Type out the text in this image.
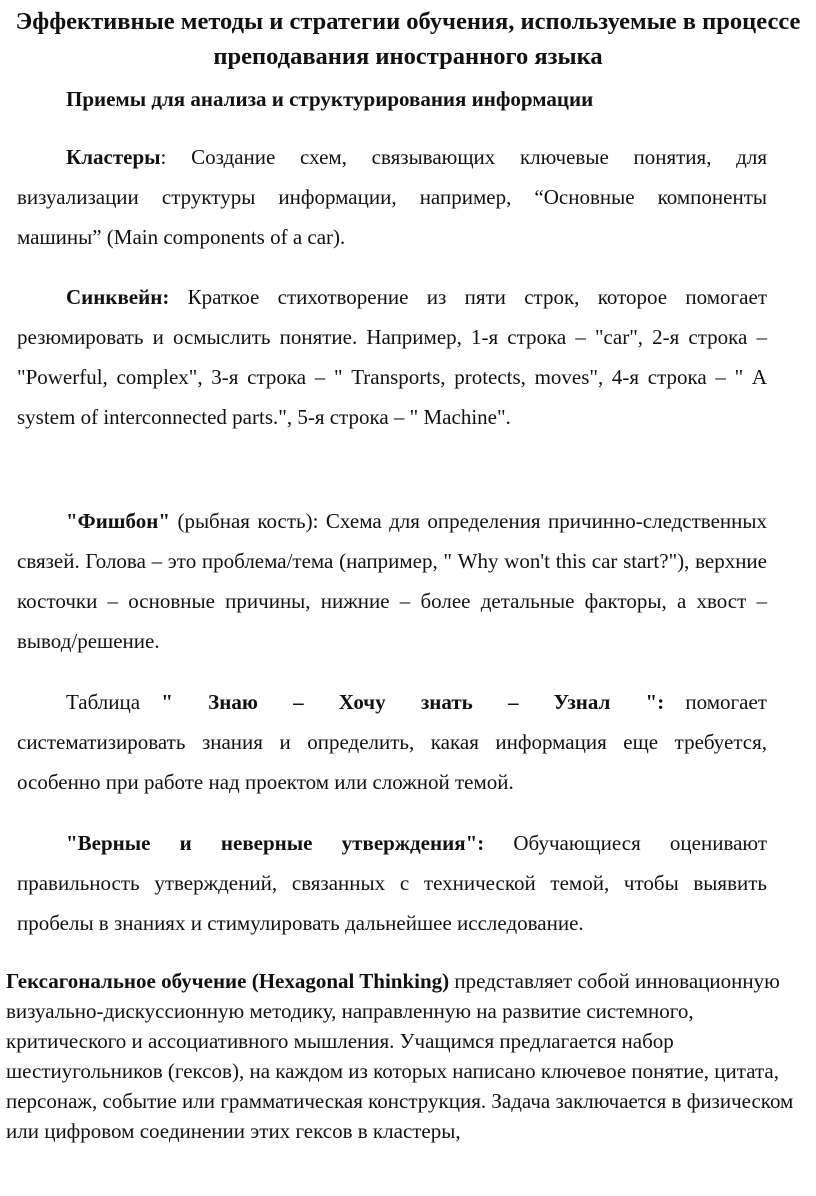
Эффективные методы и стратегии обучения, используемые в процессе преподавания иностранного языка
Приемы для анализа и структурирования информации

Кластеры: Создание схем, связывающих ключевые понятия, для визуализации структуры информации, например, “Основные компоненты машины” (Main components of a car).

Синквейн: Краткое стихотворение из пяти строк, которое помогает резюмировать и осмыслить понятие. Например, 1-я строка – "car", 2-я строка – "Powerful, complex", 3-я строка – " Transports, protects, moves", 4-я строка – " A system of interconnected parts.", 5-я строка – " Machine".

"Фишбон" (рыбная кость): Схема для определения причинно-следственных связей. Голова – это проблема/тема (например, " Why won't this car start?"), верхние косточки – основные причины, нижние – более детальные факторы, а хвост – вывод/решение.

Таблица " Знаю – Хочу знать – Узнал ": помогает систематизировать знания и определить, какая информация еще требуется, особенно при работе над проектом или сложной темой.

"Верные и неверные утверждения": Обучающиеся оценивают правильность утверждений, связанных с технической темой, чтобы выявить пробелы в знаниях и стимулировать дальнейшее исследование.

Гексагональное обучение (Hexagonal Thinking) представляет собой инновационную визуально-дискуссионную методику, направленную на развитие системного, критического и ассоциативного мышления. Учащимся предлагается набор шестиугольников (гексов), на каждом из которых написано ключевое понятие, цитата, персонаж, событие или грамматическая конструкция. Задача заключается в физическом или цифровом соединении этих гексов в кластеры,
